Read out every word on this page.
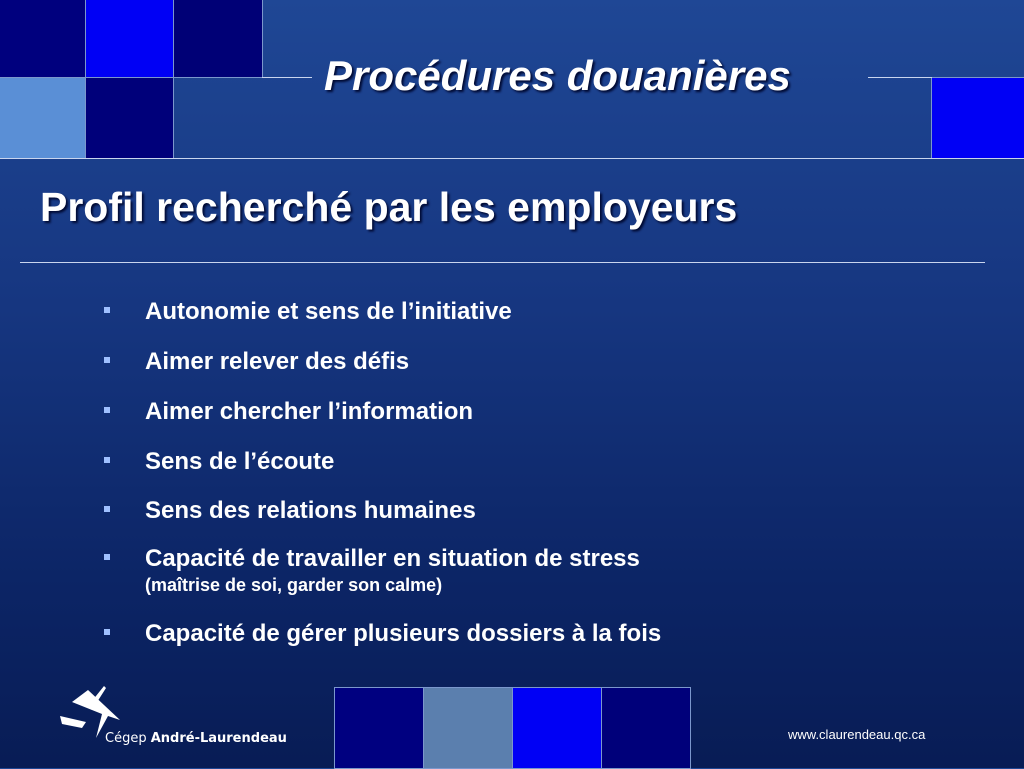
Procédures douanières
Profil recherché par les employeurs
Autonomie et sens de l’initiative
Aimer relever des défis
Aimer chercher l’information
Sens de l’écoute
Sens des relations humaines
Capacité de travailler en situation de stress
(maîtrise de soi, garder son calme)
Capacité de gérer plusieurs dossiers à la fois
Cégep André-Laurendeau	www.claurendeau.qc.ca
